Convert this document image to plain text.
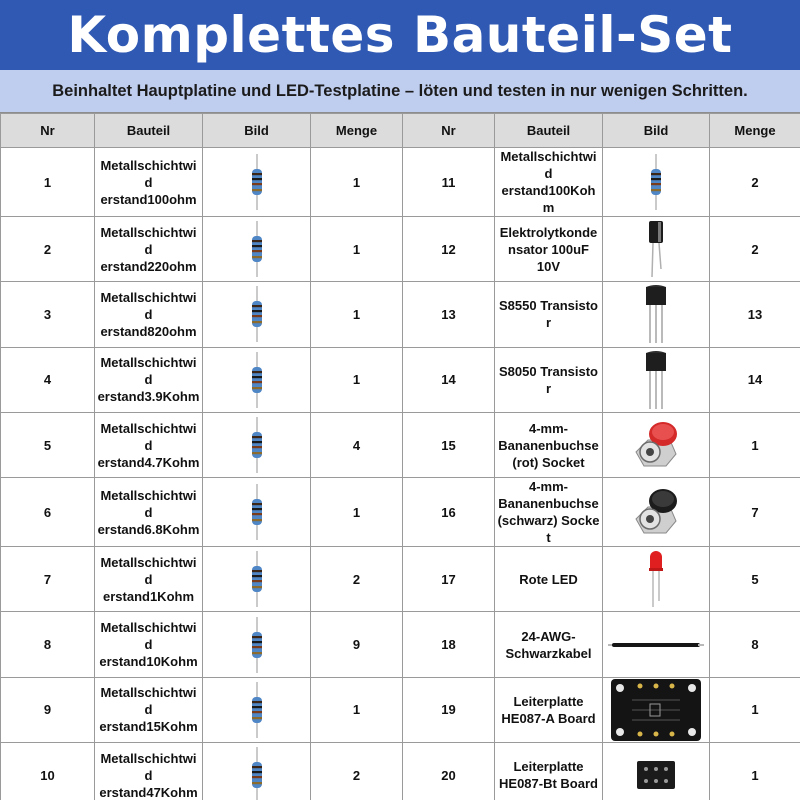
Komplettes Bauteil-Set

Beinhaltet Hauptplatine und LED-Testplatine – löten und testen in nur wenigen Schritten.

Nr	Bauteil	Bild	Menge	Nr	Bauteil	Bild	Menge
1	Metallschichtwid
erstand100ohm		1	11	Metallschichtwid
erstand100Koh
m		2
2	Metallschichtwid
erstand220ohm		1	12	Elektrolytkonde
nsator 100uF
10V		2
3	Metallschichtwid
erstand820ohm		1	13	S8550 Transistor		13
4	Metallschichtwid
erstand3.9Kohm		1	14	S8050 Transistor		14
5	Metallschichtwid
erstand4.7Kohm		4	15	4-mm-
Bananenbuchse
(rot) Socket		1
6	Metallschichtwid
erstand6.8Kohm		1	16	4-mm-
Bananenbuchse
(schwarz) Socket		7
7	Metallschichtwid
erstand1Kohm		2	17	Rote LED		5
8	Metallschichtwid
erstand10Kohm		9	18	24-AWG-
Schwarzkabel		8
9	Metallschichtwid
erstand15Kohm		1	19	Leiterplatte
HE087-A Board		1
10	Metallschichtwid
erstand47Kohm		2	20	Leiterplatte
HE087-Bt Board		1
